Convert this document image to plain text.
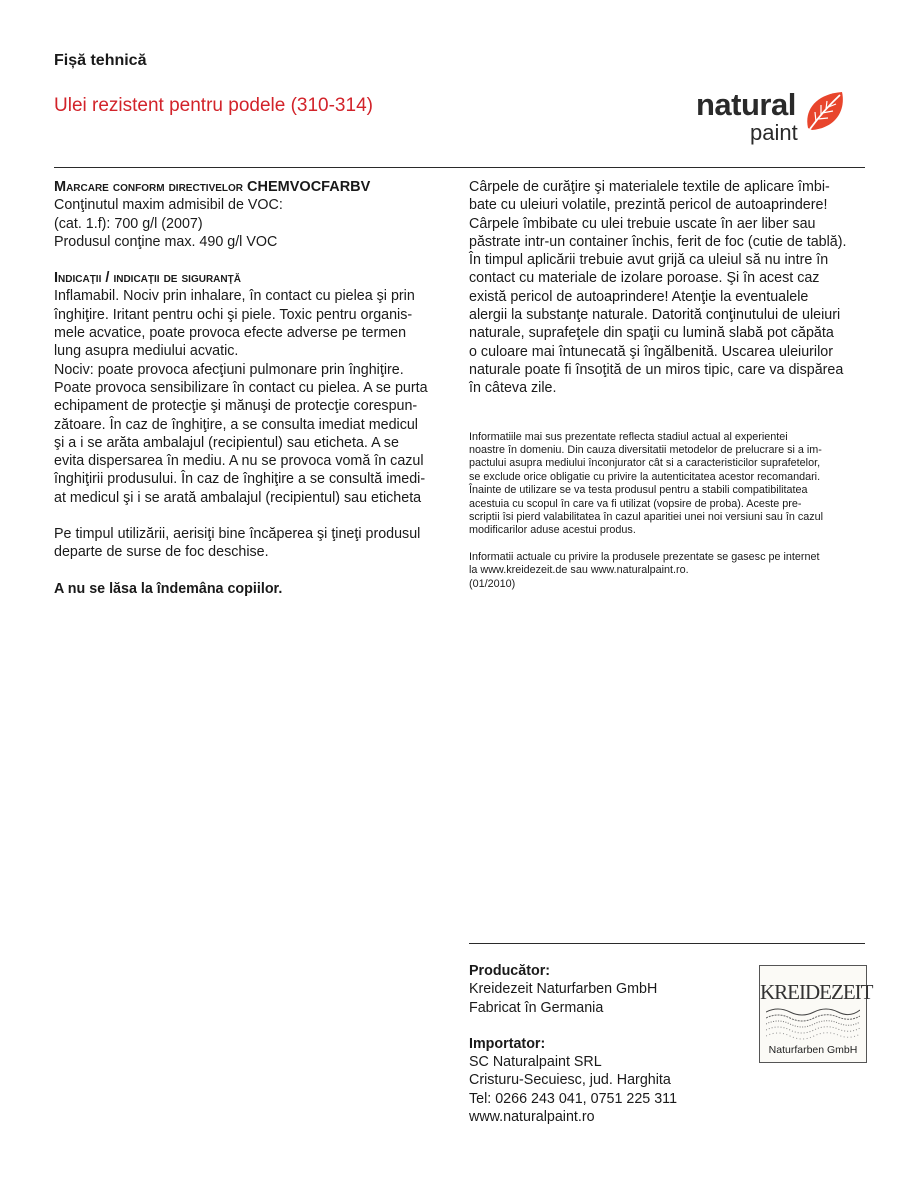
Fișă tehnică
Ulei rezistent pentru podele (310-314)	natural
paint
Marcare conform directivelor CHEMVOCFARBV
Conţinutul maxim admisibil de VOC:
(cat. 1.f): 700 g/l (2007)
Produsul conţine max. 490 g/l VOC
Indicaţii / indicaţii de siguranţă
Inflamabil. Nociv prin inhalare, în contact cu pielea şi prin
înghiţire. Iritant pentru ochi şi piele. Toxic pentru organis-
mele acvatice, poate provoca efecte adverse pe termen
lung asupra mediului acvatic.
Nociv: poate provoca afecţiuni pulmonare prin înghiţire.
Poate provoca sensibilizare în contact cu pielea. A se purta
echipament de protecţie şi mănuşi de protecţie corespun-
zătoare. În caz de înghiţire, a se consulta imediat medicul
şi a i se arăta ambalajul (recipientul) sau eticheta. A se
evita dispersarea în mediu. A nu se provoca vomă în cazul
înghiţirii produsului. În caz de înghiţire a se consultă imedi-
at medicul şi i se arată ambalajul (recipientul) sau eticheta
Pe timpul utilizării, aerisiţi bine încăperea şi ţineţi produsul
departe de surse de foc deschise.
A nu se lăsa la îndemâna copiilor.
Cârpele de curăţire şi materialele textile de aplicare îmbi-
bate cu uleiuri volatile, prezintă pericol de autoaprindere!
Cârpele îmbibate cu ulei trebuie uscate în aer liber sau
păstrate intr-un container închis, ferit de foc (cutie de tablă).
În timpul aplicării trebuie avut grijă ca uleiul să nu intre în
contact cu materiale de izolare poroase. Şi în acest caz
există pericol de autoaprindere! Atenţie la eventualele
alergii la substanţe naturale. Datorită conţinutului de uleiuri
naturale, suprafeţele din spaţii cu lumină slabă pot căpăta
o culoare mai întunecată şi îngălbenită. Uscarea uleiurilor
naturale poate fi însoţită de un miros tipic, care va dispărea
în câteva zile.
Informatiile mai sus prezentate reflecta stadiul actual al experientei
noastre în domeniu. Din cauza diversitatii metodelor de prelucrare si a im-
pactului asupra mediului înconjurator cât si a caracteristicilor suprafetelor,
se exclude orice obligatie cu privire la autenticitatea acestor recomandari.
Înainte de utilizare se va testa produsul pentru a stabili compatibilitatea
acestuia cu scopul în care va fi utilizat (vopsire de proba). Aceste pre-
scriptii îsi pierd valabilitatea în cazul aparitiei unei noi versiuni sau în cazul
modificarilor aduse acestui produs.
Informatii actuale cu privire la produsele prezentate se gasesc pe internet
la www.kreidezeit.de sau www.naturalpaint.ro.
(01/2010)
Producător:
Kreidezeit Naturfarben GmbH
Fabricat în Germania
Importator:
SC Naturalpaint SRL
Cristuru-Secuiesc, jud. Harghita
Tel: 0266 243 041, 0751 225 311
www.naturalpaint.ro
KREIDEZEIT
Naturfarben GmbH
